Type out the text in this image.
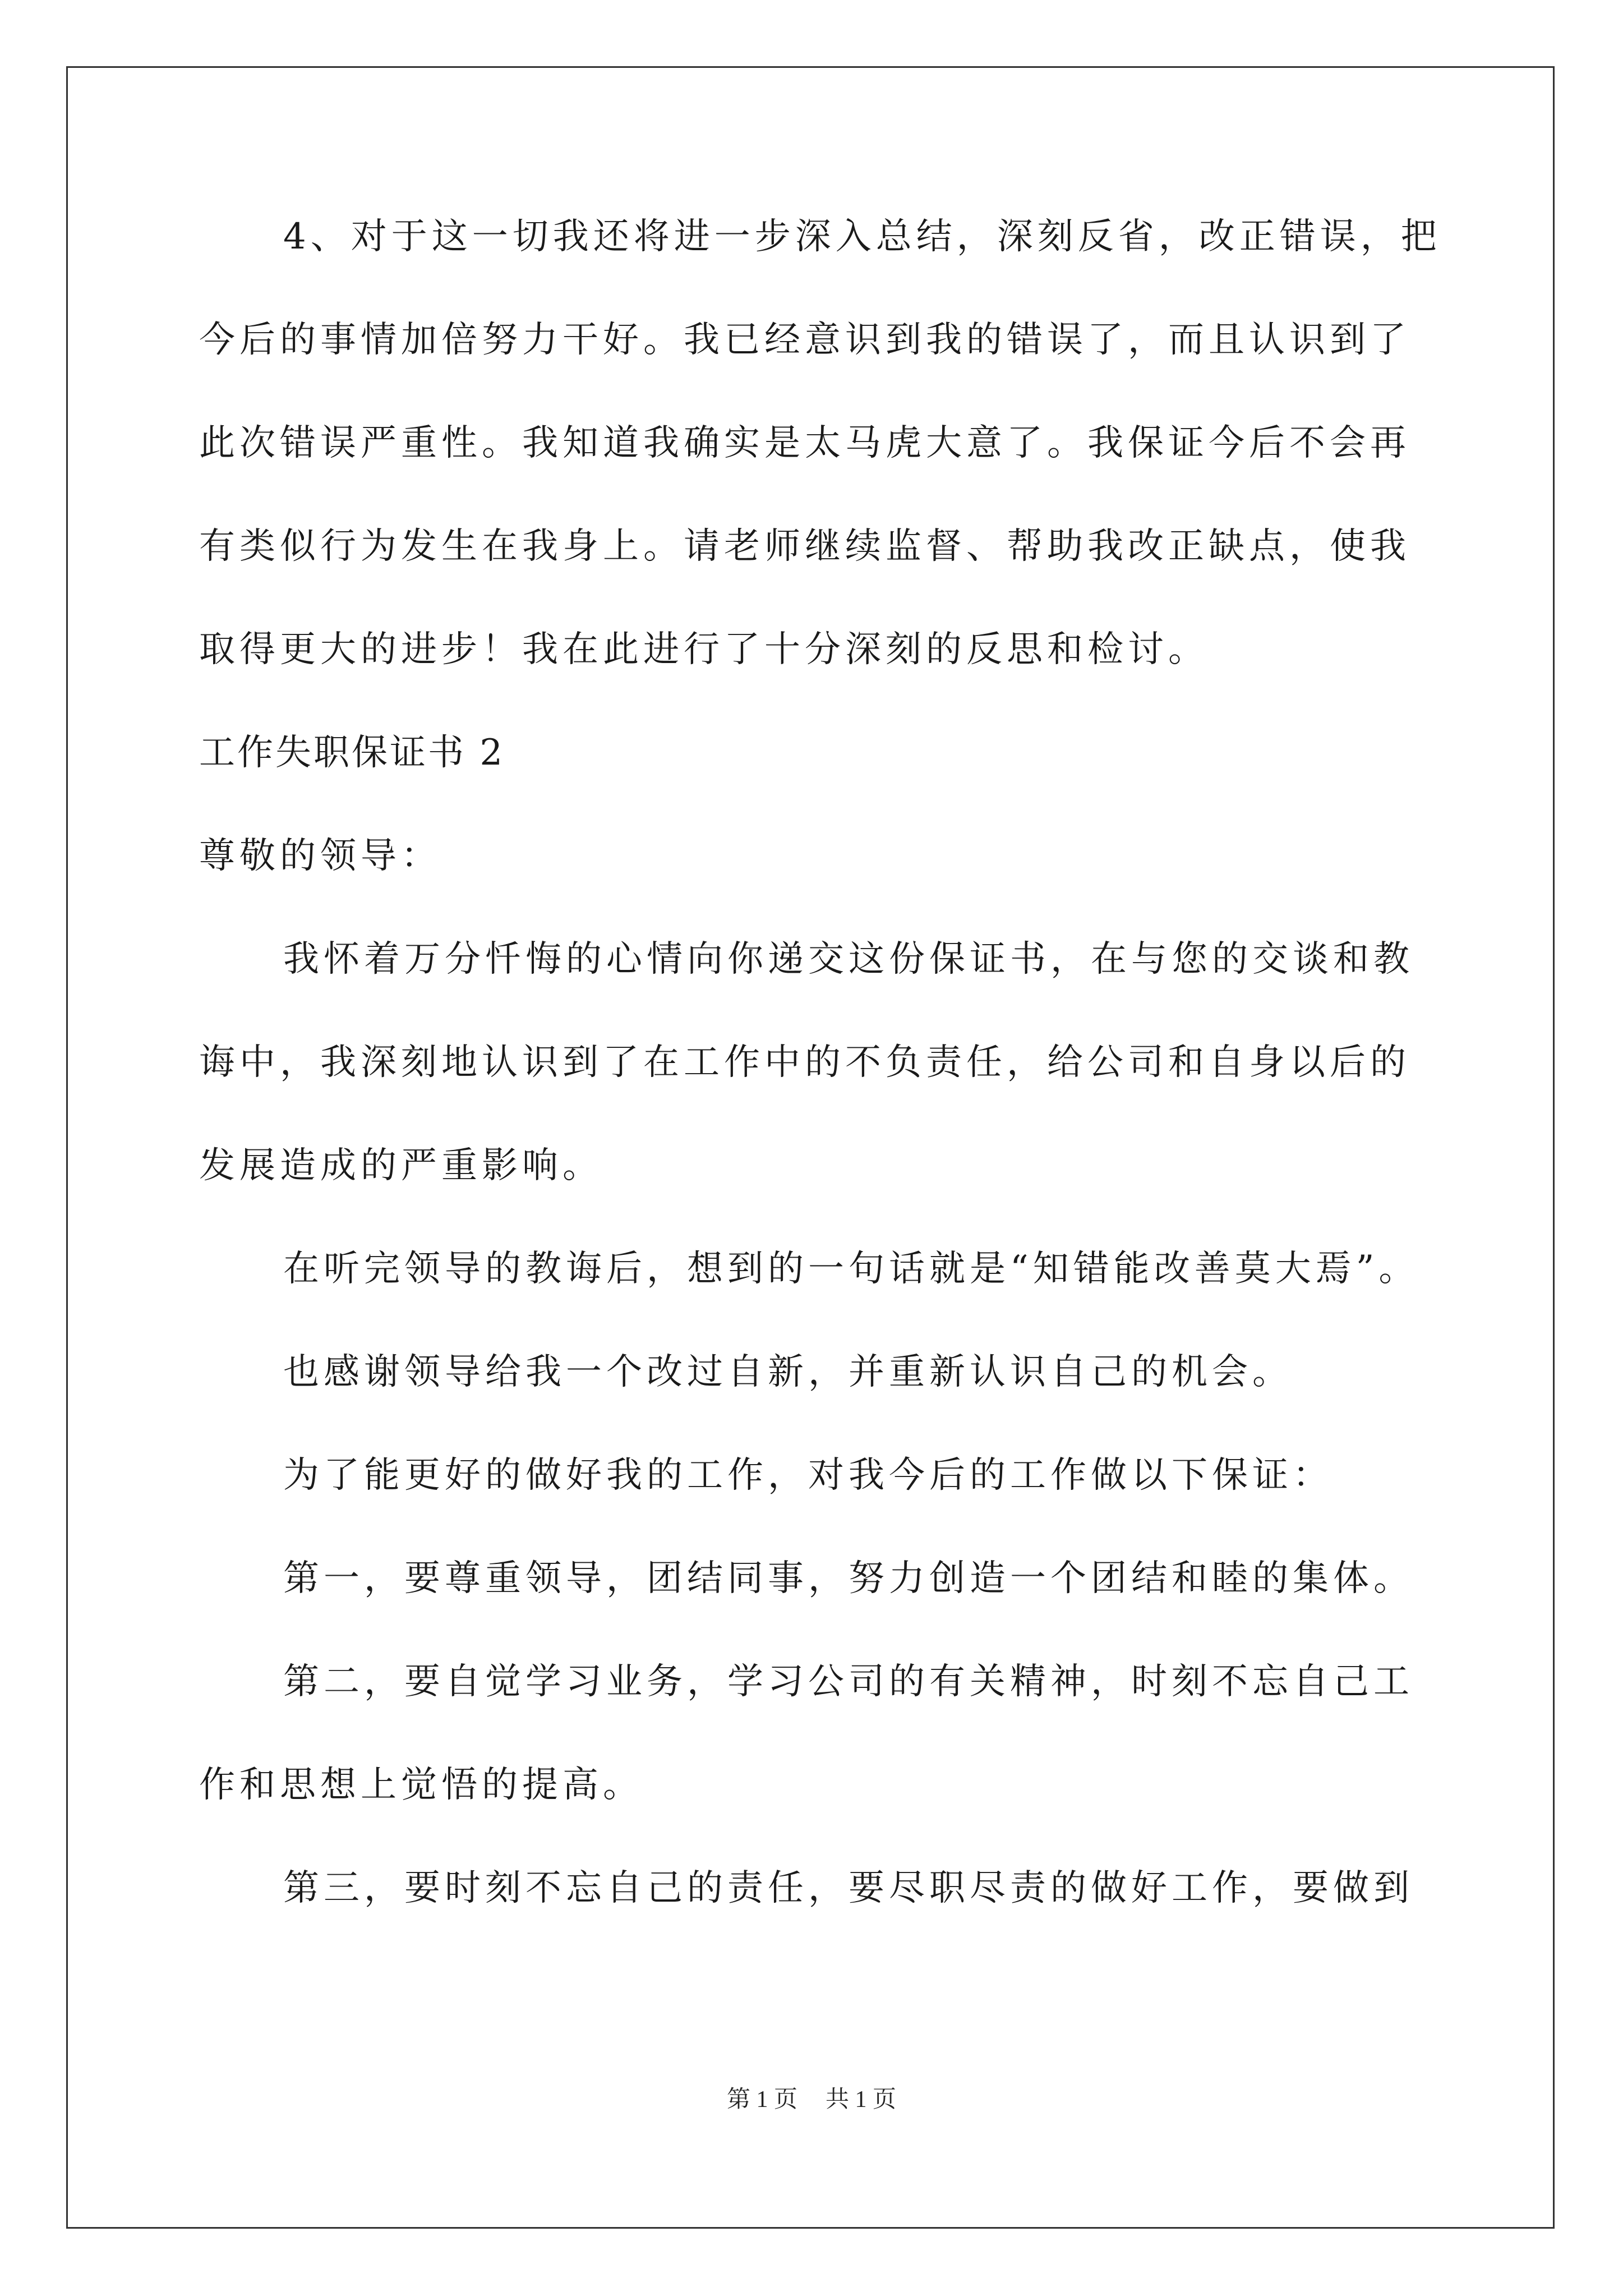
4、对于这一切我还将进一步深入总结，深刻反省，改正错误，把

今后的事情加倍努力干好。我已经意识到我的错误了，而且认识到了

此次错误严重性。我知道我确实是太马虎大意了。我保证今后不会再

有类似行为发生在我身上。请老师继续监督、帮助我改正缺点，使我

取得更大的进步！我在此进行了十分深刻的反思和检讨。

工作失职保证书 2

尊敬的领导：

我怀着万分忏悔的心情向你递交这份保证书，在与您的交谈和教

诲中，我深刻地认识到了在工作中的不负责任，给公司和自身以后的

发展造成的严重影响。

在听完领导的教诲后，想到的一句话就是“知错能改善莫大焉”。

也感谢领导给我一个改过自新，并重新认识自己的机会。

为了能更好的做好我的工作，对我今后的工作做以下保证：

第一，要尊重领导，团结同事，努力创造一个团结和睦的集体。

第二，要自觉学习业务，学习公司的有关精神，时刻不忘自己工

作和思想上觉悟的提高。

第三，要时刻不忘自己的责任，要尽职尽责的做好工作，要做到

第 1 页 共 1 页
